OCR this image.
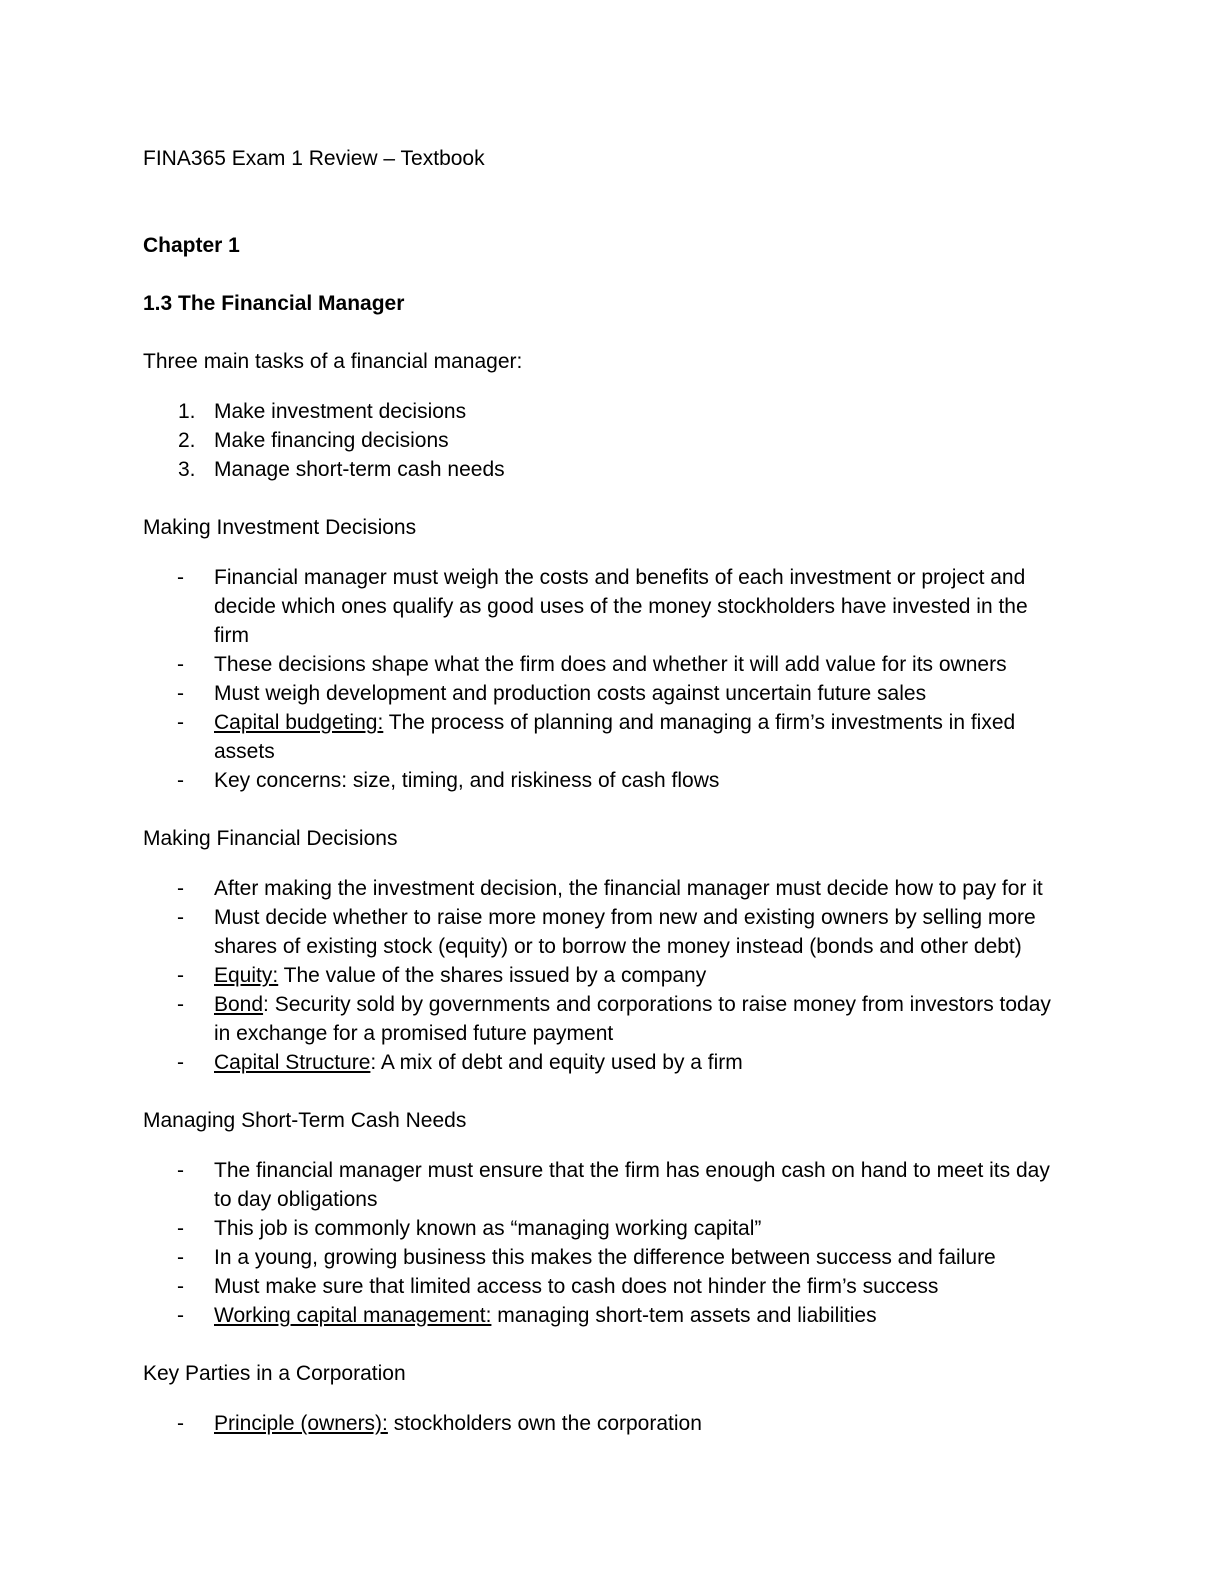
FINA365 Exam 1 Review – Textbook

Chapter 1

1.3 The Financial Manager

Three main tasks of a financial manager:

1. Make investment decisions
2. Make financing decisions
3. Manage short-term cash needs

Making Investment Decisions

- Financial manager must weigh the costs and benefits of each investment or project and decide which ones qualify as good uses of the money stockholders have invested in the firm
- These decisions shape what the firm does and whether it will add value for its owners
- Must weigh development and production costs against uncertain future sales
- Capital budgeting: The process of planning and managing a firm’s investments in fixed assets
- Key concerns: size, timing, and riskiness of cash flows

Making Financial Decisions

- After making the investment decision, the financial manager must decide how to pay for it
- Must decide whether to raise more money from new and existing owners by selling more shares of existing stock (equity) or to borrow the money instead (bonds and other debt)
- Equity: The value of the shares issued by a company
- Bond: Security sold by governments and corporations to raise money from investors today in exchange for a promised future payment
- Capital Structure: A mix of debt and equity used by a firm

Managing Short-Term Cash Needs

- The financial manager must ensure that the firm has enough cash on hand to meet its day to day obligations
- This job is commonly known as “managing working capital”
- In a young, growing business this makes the difference between success and failure
- Must make sure that limited access to cash does not hinder the firm’s success
- Working capital management: managing short-tem assets and liabilities

Key Parties in a Corporation

- Principle (owners): stockholders own the corporation
